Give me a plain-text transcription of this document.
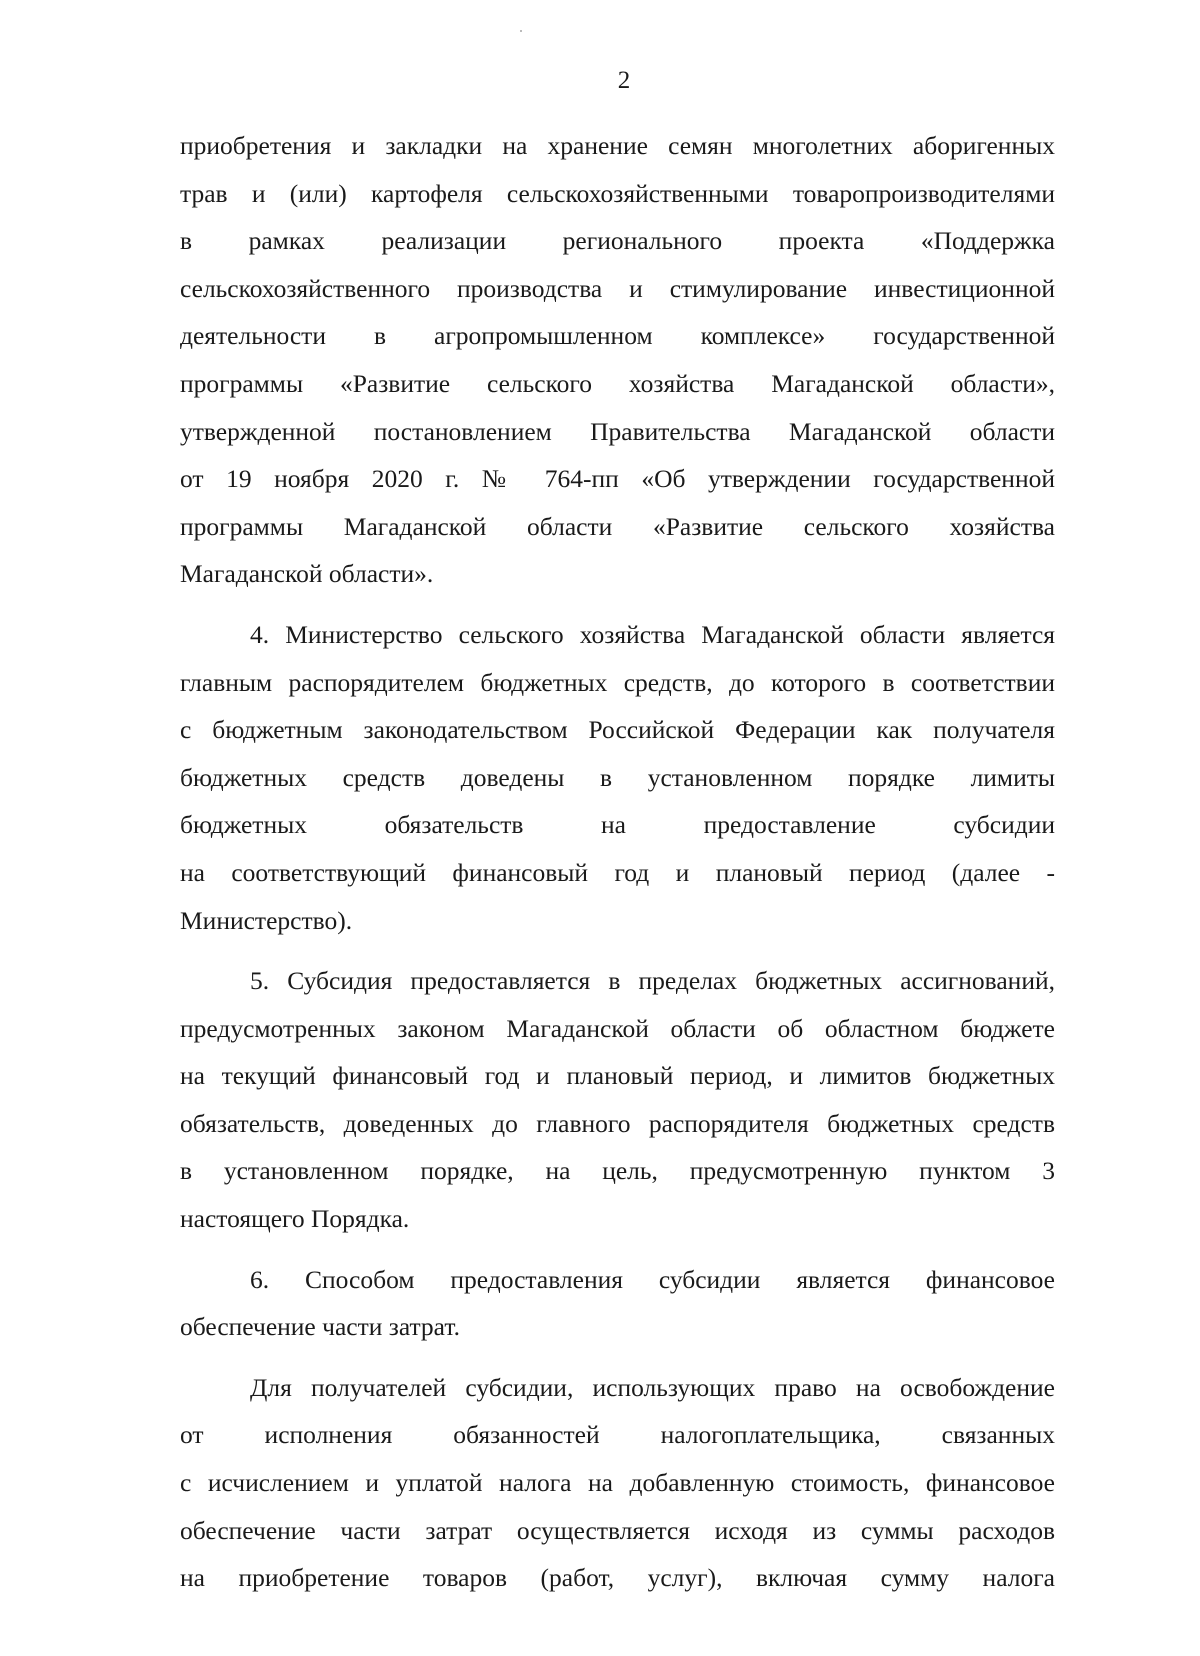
2
приобретения и закладки на хранение семян многолетних аборигенных
трав и (или) картофеля сельскохозяйственными товаропроизводителями
в рамках реализации регионального проекта «Поддержка
сельскохозяйственного производства и стимулирование инвестиционной
деятельности в агропромышленном комплексе» государственной
программы «Развитие сельского хозяйства Магаданской области»,
утвержденной постановлением Правительства Магаданской области
от 19 ноября 2020 г. № 764-пп «Об утверждении государственной
программы Магаданской области «Развитие сельского хозяйства
Магаданской области».
4. Министерство сельского хозяйства Магаданской области является
главным распорядителем бюджетных средств, до которого в соответствии
с бюджетным законодательством Российской Федерации как получателя
бюджетных средств доведены в установленном порядке лимиты
бюджетных обязательств на предоставление субсидии
на соответствующий финансовый год и плановый период (далее -
Министерство).
5. Субсидия предоставляется в пределах бюджетных ассигнований,
предусмотренных законом Магаданской области об областном бюджете
на текущий финансовый год и плановый период, и лимитов бюджетных
обязательств, доведенных до главного распорядителя бюджетных средств
в установленном порядке, на цель, предусмотренную пунктом 3
настоящего Порядка.
6. Способом предоставления субсидии является финансовое
обеспечение части затрат.
Для получателей субсидии, использующих право на освобождение
от исполнения обязанностей налогоплательщика, связанных
с исчислением и уплатой налога на добавленную стоимость, финансовое
обеспечение части затрат осуществляется исходя из суммы расходов
на приобретение товаров (работ, услуг), включая сумму налога
